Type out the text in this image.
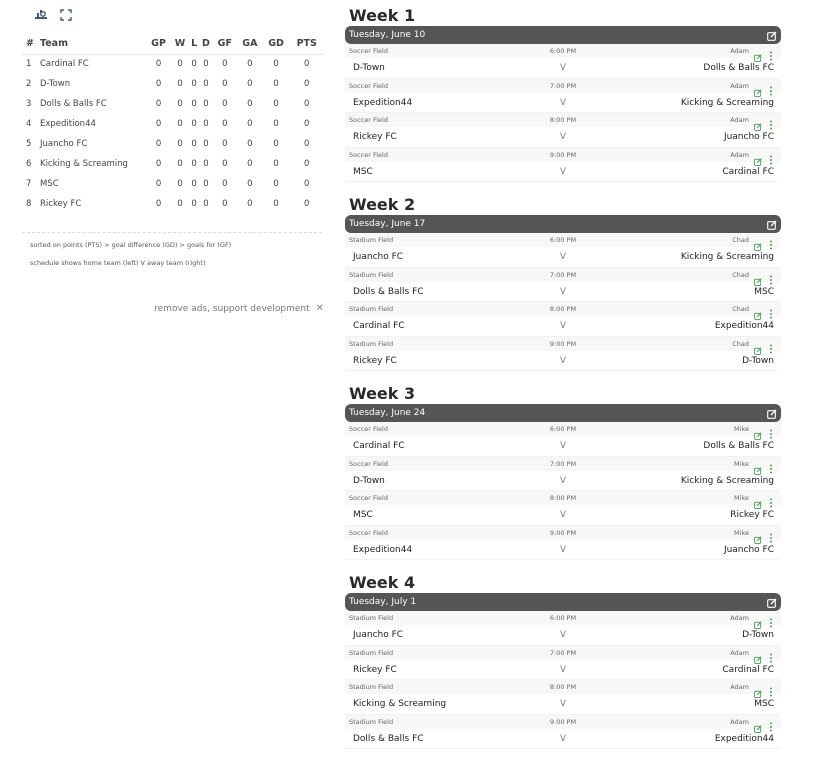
#	Team	GP	W	L	D	GF	GA	GD	PTS
1	Cardinal FC	0	0	0	0	0	0	0	0
2	D-Town	0	0	0	0	0	0	0	0
3	Dolls & Balls FC	0	0	0	0	0	0	0	0
4	Expedition44	0	0	0	0	0	0	0	0
5	Juancho FC	0	0	0	0	0	0	0	0
6	Kicking & Screaming	0	0	0	0	0	0	0	0
7	MSC	0	0	0	0	0	0	0	0
8	Rickey FC	0	0	0	0	0	0	0	0
sorted on points (PTS) > goal difference (GD) > goals for (GF)
schedule shows home team (left) V away team (right)
remove ads, support development ✕
Week 1
Tuesday, June 10
Soccer Field	6:00 PM	Adam
D-Town	V	Dolls & Balls FC
Soccer Field	7:00 PM	Adam
Expedition44	V	Kicking & Screaming
Soccer Field	8:00 PM	Adam
Rickey FC	V	Juancho FC
Soccer Field	9:00 PM	Adam
MSC	V	Cardinal FC
Week 2
Tuesday, June 17
Stadium Field	6:00 PM	Chad
Juancho FC	V	Kicking & Screaming
Stadium Field	7:00 PM	Chad
Dolls & Balls FC	V	MSC
Stadium Field	8:00 PM	Chad
Cardinal FC	V	Expedition44
Stadium Field	9:00 PM	Chad
Rickey FC	V	D-Town
Week 3
Tuesday, June 24
Soccer Field	6:00 PM	Mike
Cardinal FC	V	Dolls & Balls FC
Soccer Field	7:00 PM	Mike
D-Town	V	Kicking & Screaming
Soccer Field	8:00 PM	Mike
MSC	V	Rickey FC
Soccer Field	9:00 PM	Mike
Expedition44	V	Juancho FC
Week 4
Tuesday, July 1
Stadium Field	6:00 PM	Adam
Juancho FC	V	D-Town
Stadium Field	7:00 PM	Adam
Rickey FC	V	Cardinal FC
Stadium Field	8:00 PM	Adam
Kicking & Screaming	V	MSC
Stadium Field	9:00 PM	Adam
Dolls & Balls FC	V	Expedition44
